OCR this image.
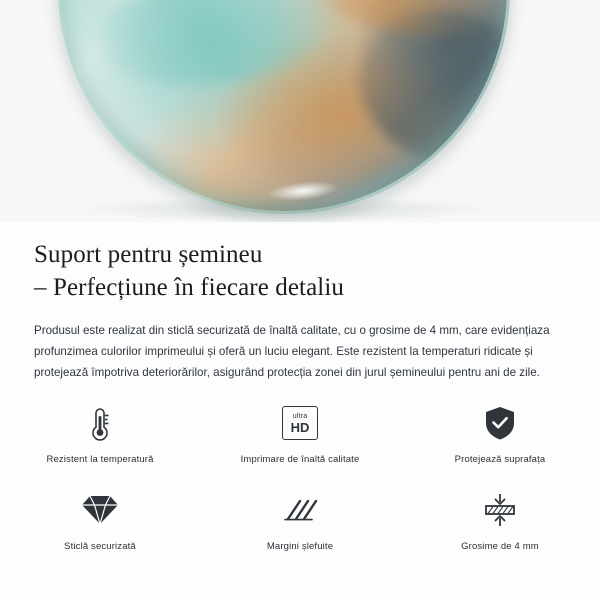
Suport pentru șemineu
– Perfecțiune în fiecare detaliu

Produsul este realizat din sticlă securizată de înaltă calitate, cu o grosime de 4 mm, care evidențiaza profunzimea culorilor imprimeului și oferă un luciu elegant. Este rezistent la temperaturi ridicate și protejează împotriva deteriorărilor, asigurând protecția zonei din jurul șemineului pentru ani de zile.

Rezistent la temperatură
ultra
HD
Imprimare de înaltă calitate	Protejează suprafața
Sticlă securizată	Margini șlefuite	Grosime de 4 mm
